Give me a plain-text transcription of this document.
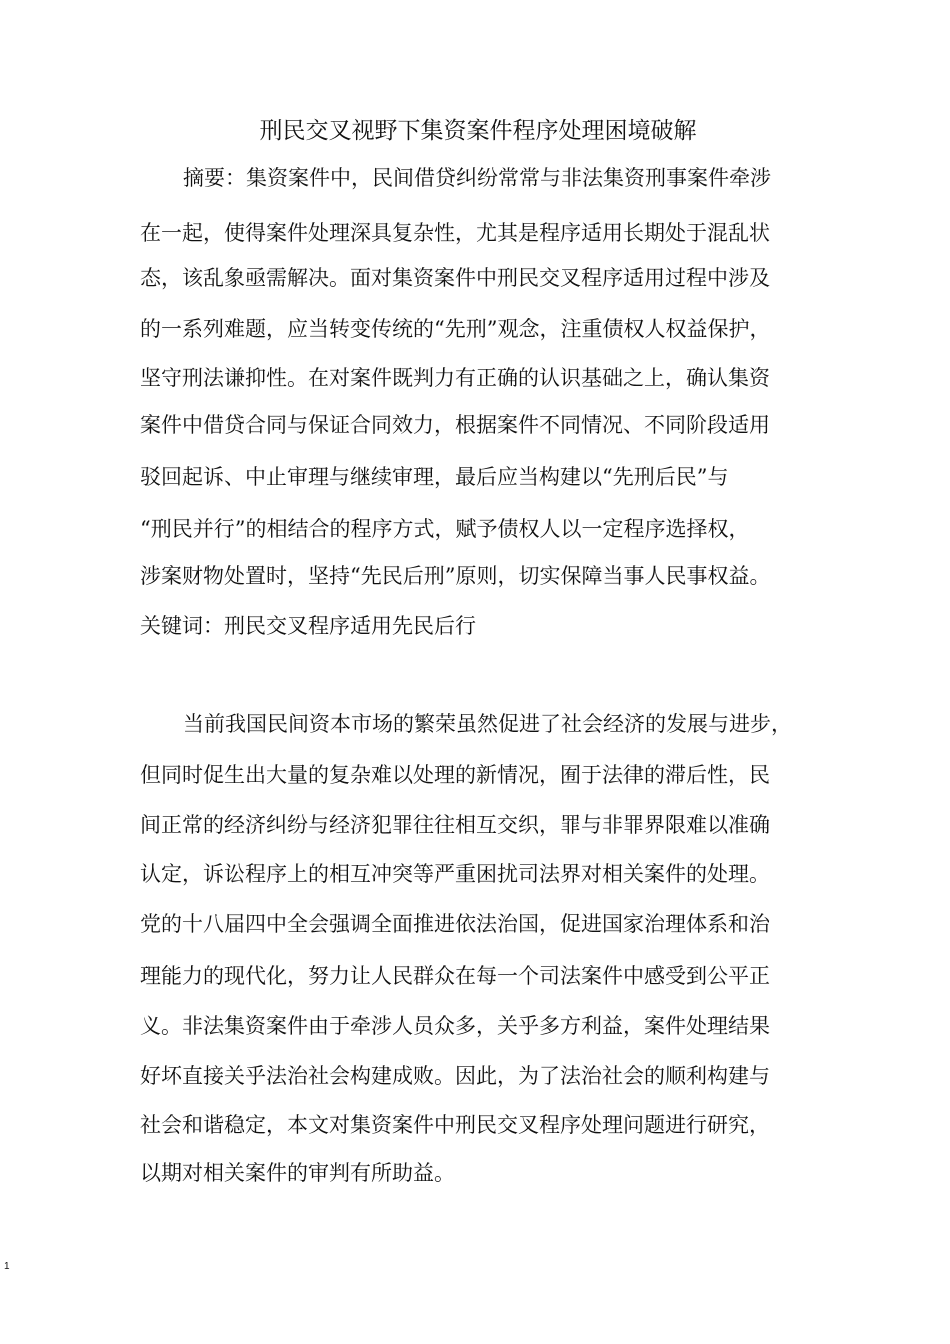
刑民交叉视野下集资案件程序处理困境破解
摘要：集资案件中，民间借贷纠纷常常与非法集资刑事案件牵涉
在一起，使得案件处理深具复杂性，尤其是程序适用长期处于混乱状
态，该乱象亟需解决。面对集资案件中刑民交叉程序适用过程中涉及
的一系列难题，应当转变传统的“先刑”观念，注重债权人权益保护，
坚守刑法谦抑性。在对案件既判力有正确的认识基础之上，确认集资
案件中借贷合同与保证合同效力，根据案件不同情况、不同阶段适用
驳回起诉、中止审理与继续审理，最后应当构建以“先刑后民”与
“刑民并行”的相结合的程序方式，赋予债权人以一定程序选择权，
涉案财物处置时，坚持“先民后刑”原则，切实保障当事人民事权益。
关键词：刑民交叉程序适用先民后行
当前我国民间资本市场的繁荣虽然促进了社会经济的发展与进步，
但同时促生出大量的复杂难以处理的新情况，囿于法律的滞后性，民
间正常的经济纠纷与经济犯罪往往相互交织，罪与非罪界限难以准确
认定，诉讼程序上的相互冲突等严重困扰司法界对相关案件的处理。
党的十八届四中全会强调全面推进依法治国，促进国家治理体系和治
理能力的现代化，努力让人民群众在每一个司法案件中感受到公平正
义。非法集资案件由于牵涉人员众多，关乎多方利益，案件处理结果
好坏直接关乎法治社会构建成败。因此，为了法治社会的顺利构建与
社会和谐稳定，本文对集资案件中刑民交叉程序处理问题进行研究，
以期对相关案件的审判有所助益。
1
